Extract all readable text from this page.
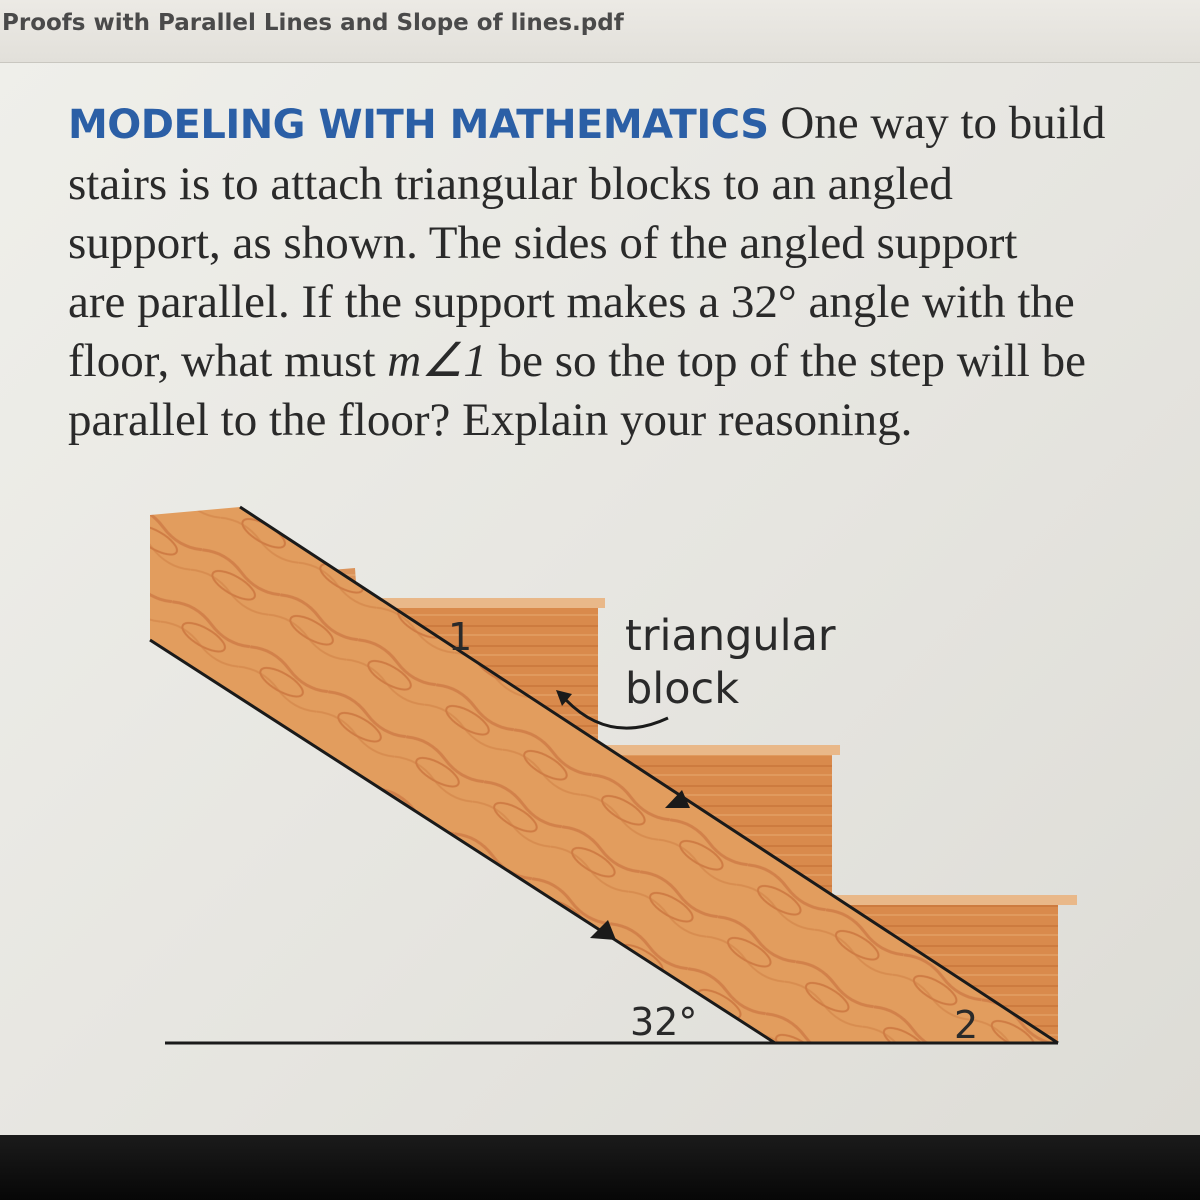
Proofs with Parallel Lines and Slope of lines.pdf
MODELING WITH MATHEMATICS One way to build
stairs is to attach triangular blocks to an angled
support, as shown. The sides of the angled support
are parallel. If the support makes a 32° angle with the
floor, what must m∠1 be so the top of the step will be
parallel to the floor? Explain your reasoning.
1
2
32°
triangular
block
